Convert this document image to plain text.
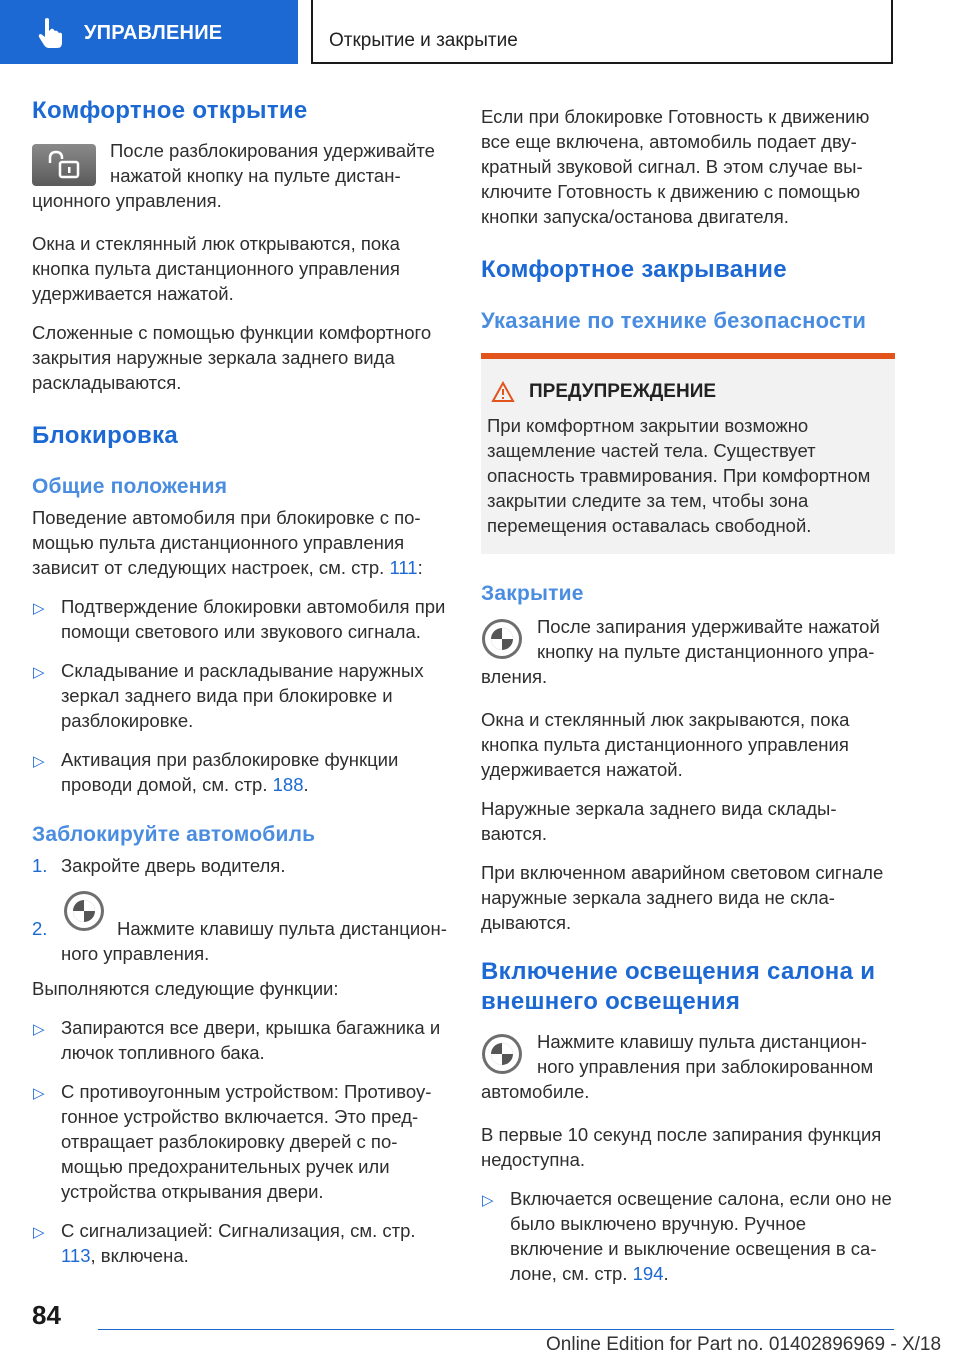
УПРАВЛЕНИЕ	Открытие и закрытие
Комфортное открытие

После разблокирования удерживайте нажатой кнопку на пульте дистанционного управления.

Окна и стеклянный люк открываются, пока кнопка пульта дистанционного управления удерживается нажатой.

Сложенные с помощью функции комфортного закрытия наружные зеркала заднего вида раскладываются.

Блокировка
Общие положения

Поведение автомобиля при блокировке с помощью пульта дистанционного управления зависит от следующих настроек, см. стр. 111:

▷ Подтверждение блокировки автомобиля при помощи светового или звукового сигнала.

▷ Складывание и раскладывание наружных зеркал заднего вида при блокировке и разблокировке.

▷ Активация при разблокировке функции проводи домой, см. стр. 188.

Заблокируйте автомобиль

1. Закройте дверь водителя.

2.	Нажмите клавишу пульта дистанционного управления.

Выполняются следующие функции:

▷ Запираются все двери, крышка багажника и лючок топливного бака.

▷ С противоугонным устройством: Противоугонное устройство включается. Это предотвращает разблокировку дверей с помощью предохранительных ручек или устройства открывания двери.

▷ С сигнализацией: Сигнализация, см. стр. 113, включена.

Если при блокировке Готовность к движению все еще включена, автомобиль подает двукратный звуковой сигнал. В этом случае выключите Готовность к движению с помощью кнопки запуска/останова двигателя.

Комфортное закрывание
Указание по технике безопасности
ПРЕДУПРЕЖДЕНИЕ

При комфортном закрытии возможно защемление частей тела. Существует опасность травмирования. При комфортном закрытии следите за тем, чтобы зона перемещения оставалась свободной.

Закрытие

После запирания удерживайте нажатой кнопку на пульте дистанционного управления.

Окна и стеклянный люк закрываются, пока кнопка пульта дистанционного управления удерживается нажатой.

Наружные зеркала заднего вида складываются.

При включенном аварийном световом сигнале наружные зеркала заднего вида не складываются.

Включение освещения салона и внешнего освещения

Нажмите клавишу пульта дистанционного управления при заблокированном автомобиле.

В первые 10 секунд после запирания функция недоступна.

▷ Включается освещение салона, если оно не было выключено вручную. Ручное включение и выключение освещения в салоне, см. стр. 194.

84
Online Edition for Part no. 01402896969 - X/18
